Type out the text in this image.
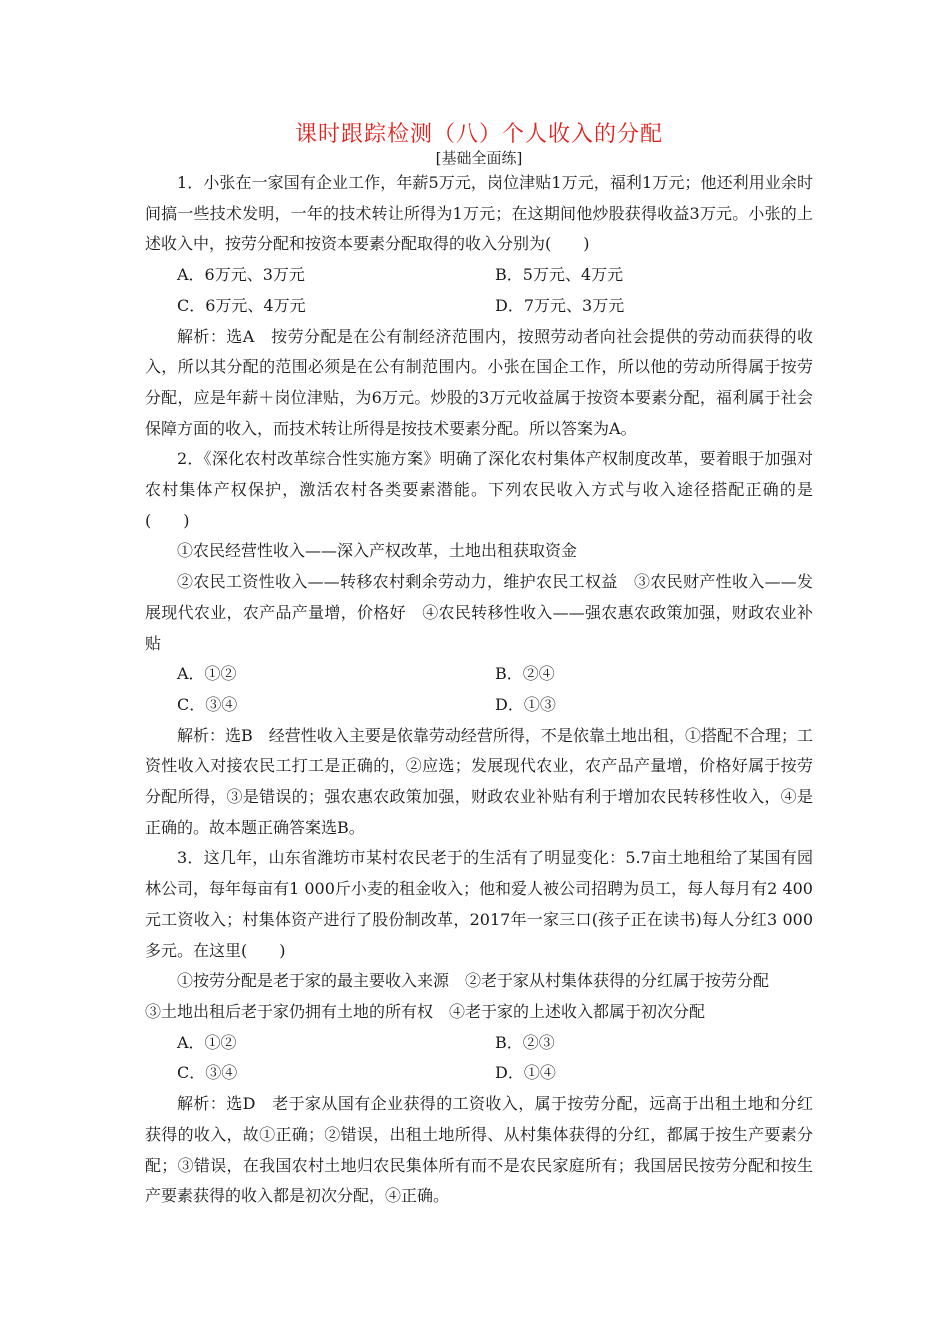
课时跟踪检测（八）个人收入的分配
[基础全面练]

1．小张在一家国有企业工作，年薪5万元，岗位津贴1万元，福利1万元；他还利用业余时间搞一些技术发明，一年的技术转让所得为1万元；在这期间他炒股获得收益3万元。小张的上述收入中，按劳分配和按资本要素分配取得的收入分别为(　　)

A．6万元、3万元	B．5万元、4万元
C．6万元、4万元	D．7万元、3万元

解析：选A　按劳分配是在公有制经济范围内，按照劳动者向社会提供的劳动而获得的收入，所以其分配的范围必须是在公有制范围内。小张在国企工作，所以他的劳动所得属于按劳分配，应是年薪＋岗位津贴，为6万元。炒股的3万元收益属于按资本要素分配，福利属于社会保障方面的收入，而技术转让所得是按技术要素分配。所以答案为A。

2．《深化农村改革综合性实施方案》明确了深化农村集体产权制度改革，要着眼于加强对农村集体产权保护，激活农村各类要素潜能。下列农民收入方式与收入途径搭配正确的是(　　)

①农民经营性收入——深入产权改革，土地出租获取资金

②农民工资性收入——转移农村剩余劳动力，维护农民工权益　③农民财产性收入——发展现代农业，农产品产量增，价格好　④农民转移性收入——强农惠农政策加强，财政农业补贴

A．①②	B．②④
C．③④	D．①③

解析：选B　经营性收入主要是依靠劳动经营所得，不是依靠土地出租，①搭配不合理；工资性收入对接农民工打工是正确的，②应选；发展现代农业，农产品产量增，价格好属于按劳分配所得，③是错误的；强农惠农政策加强，财政农业补贴有利于增加农民转移性收入，④是正确的。故本题正确答案选B。

3．这几年，山东省潍坊市某村农民老于的生活有了明显变化：5.7亩土地租给了某国有园林公司，每年每亩有1 000斤小麦的租金收入；他和爱人被公司招聘为员工，每人每月有2 400元工资收入；村集体资产进行了股份制改革，2017年一家三口(孩子正在读书)每人分红3 000多元。在这里(　　)

①按劳分配是老于家的最主要收入来源　②老于家从村集体获得的分红属于按劳分配

③土地出租后老于家仍拥有土地的所有权　④老于家的上述收入都属于初次分配

A．①②	B．②③
C．③④	D．①④

解析：选D　老于家从国有企业获得的工资收入，属于按劳分配，远高于出租土地和分红获得的收入，故①正确；②错误，出租土地所得、从村集体获得的分红，都属于按生产要素分配；③错误，在我国农村土地归农民集体所有而不是农民家庭所有；我国居民按劳分配和按生产要素获得的收入都是初次分配，④正确。
